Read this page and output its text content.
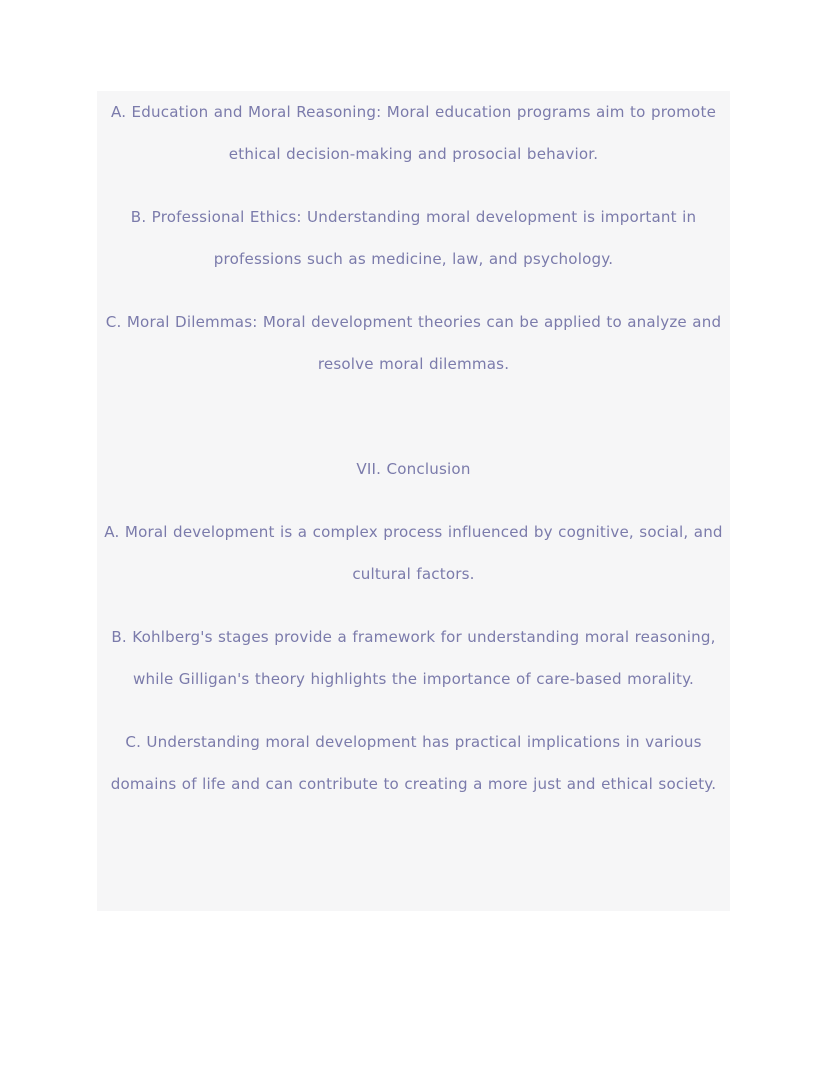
A. Education and Moral Reasoning: Moral education programs aim to promote ethical decision-making and prosocial behavior.

B. Professional Ethics: Understanding moral development is important in professions such as medicine, law, and psychology.

C. Moral Dilemmas: Moral development theories can be applied to analyze and resolve moral dilemmas.

VII. Conclusion

A. Moral development is a complex process influenced by cognitive, social, and cultural factors.

B. Kohlberg's stages provide a framework for understanding moral reasoning, while Gilligan's theory highlights the importance of care-based morality.

C. Understanding moral development has practical implications in various domains of life and can contribute to creating a more just and ethical society.
